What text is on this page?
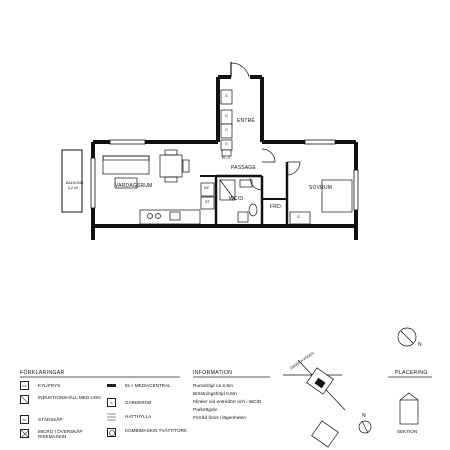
ENTRÉ
PASSAGE
VARDAGSRUM	SOVRUM
WC/D
FRD.
BALKONG
6,2 m²	K/F
ST
G
G
G
G
G
EL-C
N
FÖRKLARINGAR
K/F	KYL/FRYS
INDUKTIONSHÄLL MED UGN
ST	STÄDSKÅP
MICRO I ÖVERSKÅP DISKMASKIN
EL-/ MEDIACENTRAL
G	GARDEROB
HATTHYLLA
KOMBIMASKIN TVÄTT/TORK
INFORMATION
Rumshöjd ca 2,5m
Bröstningshöjd 0,6m
Klinker vid entrédörr och i WC/D
Parkettgolv
Förråd finns i lägenheten
PLACERING
DANSKA VÄGEN
N
SEKTION
